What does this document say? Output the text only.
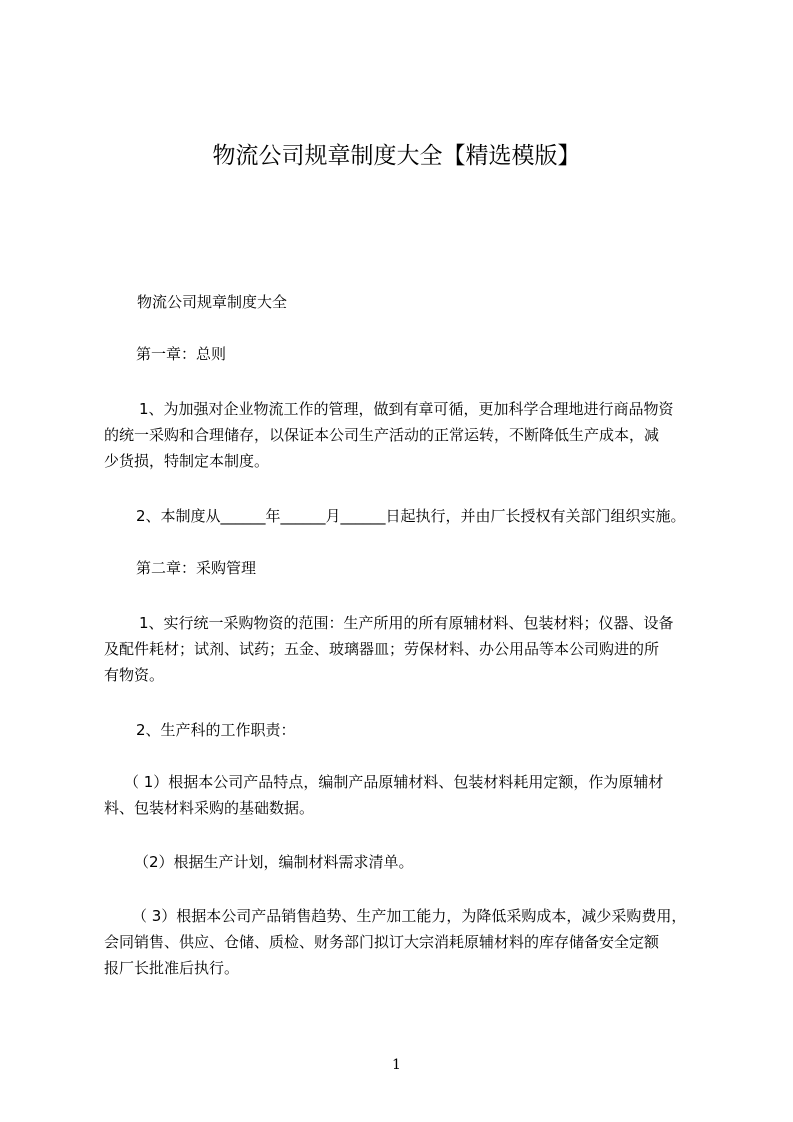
物流公司规章制度大全【精选模版】
物流公司规章制度大全
第一章：总则
1、为加强对企业物流工作的管理，做到有章可循，更加科学合理地进行商品物资
的统一采购和合理储存，以保证本公司生产活动的正常运转，不断降低生产成本，减
少货损，特制定本制度。
2、本制度从______年______月______日起执行，并由厂长授权有关部门组织实施。
第二章：采购管理
1、实行统一采购物资的范围：生产所用的所有原辅材料、包装材料；仪器、设备
及配件耗材；试剂、试药；五金、玻璃器皿；劳保材料、办公用品等本公司购进的所
有物资。
2、生产科的工作职责：
（ 1）根据本公司产品特点，编制产品原辅材料、包装材料耗用定额，作为原辅材
料、包装材料采购的基础数据。
（2）根据生产计划，编制材料需求清单。
（ 3）根据本公司产品销售趋势、生产加工能力，为降低采购成本，减少采购费用，
会同销售、供应、仓储、质检、财务部门拟订大宗消耗原辅材料的库存储备安全定额
报厂长批准后执行。
1
